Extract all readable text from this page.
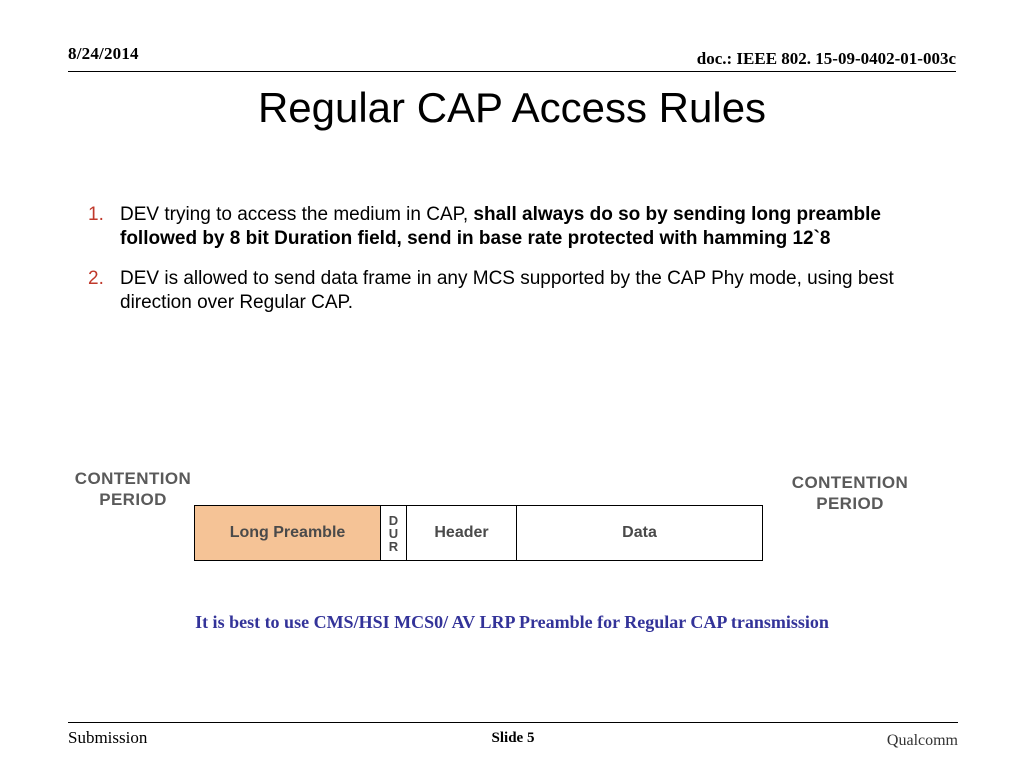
8/24/2014	doc.: IEEE 802. 15-09-0402-01-003c
Regular CAP Access Rules
1. DEV trying to access the medium in CAP, shall always do so by sending long preamble followed by 8 bit Duration field, send in base rate protected with hamming 12`8
2. DEV is allowed to send data frame in any MCS supported by the CAP Phy mode, using best direction over Regular CAP.
CONTENTION
PERIOD
CONTENTION
PERIOD
Long Preamble
D
U
R
Header	Data
It is best to use CMS/HSI MCS0/ AV LRP Preamble for Regular CAP transmission
Submission	Slide 5	Qualcomm
